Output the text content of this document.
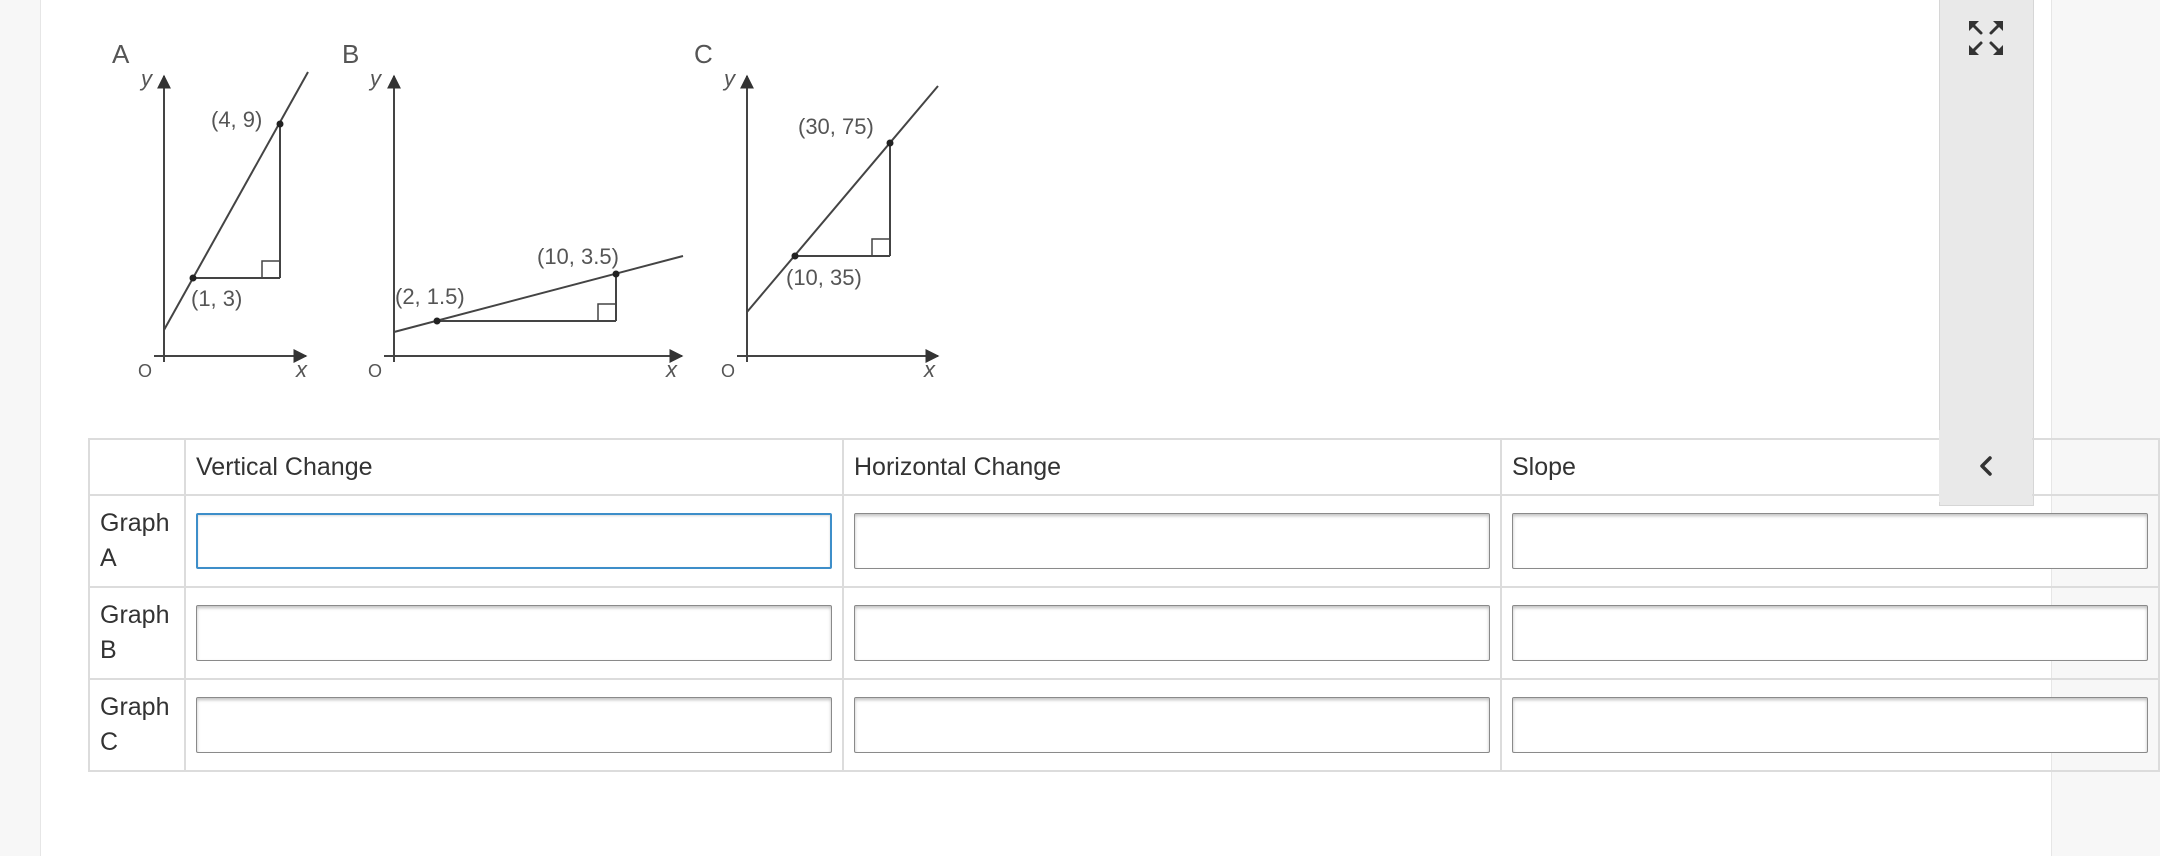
A
y
x
O
(1, 3)
(4, 9)
B
y
x
O
(2, 1.5)
(10, 3.5)
C
y
x
O
(10, 35)
(30, 75)

	Vertical Change	Horizontal Change	Slope

Graph A

Graph B

Graph C
